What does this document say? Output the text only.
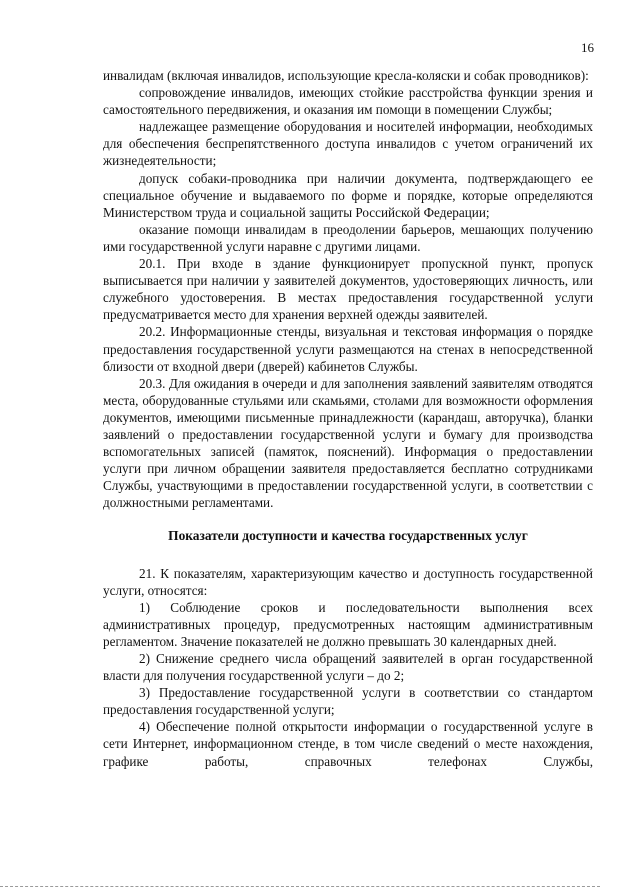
16

инвалидам (включая инвалидов, использующие кресла-коляски и собак проводников):

сопровождение инвалидов, имеющих стойкие расстройства функции зрения и самостоятельного передвижения, и оказания им помощи в помещении Службы;

надлежащее размещение оборудования и носителей информации, необходимых для обеспечения беспрепятственного доступа инвалидов с учетом ограничений их жизнедеятельности;

допуск собаки-проводника при наличии документа, подтверждающего ее специальное обучение и выдаваемого по форме и порядке, которые определяются Министерством труда и социальной защиты Российской Федерации;

оказание помощи инвалидам в преодолении барьеров, мешающих получению ими государственной услуги наравне с другими лицами.

20.1. При входе в здание функционирует пропускной пункт, пропуск выписывается при наличии у заявителей документов, удостоверяющих личность, или служебного удостоверения. В местах предоставления государственной услуги предусматривается место для хранения верхней одежды заявителей.

20.2. Информационные стенды, визуальная и текстовая информация о порядке предоставления государственной услуги размещаются на стенах в непосредственной близости от входной двери (дверей) кабинетов Службы.

20.3. Для ожидания в очереди и для заполнения заявлений заявителям отводятся места, оборудованные стульями или скамьями, столами для возможности оформления документов, имеющими письменные принадлежности (карандаш, авторучка), бланки заявлений о предоставлении государственной услуги и бумагу для производства вспомогательных записей (памяток, пояснений). Информация о предоставлении услуги при личном обращении заявителя предоставляется бесплатно сотрудниками Службы, участвующими в предоставлении государственной услуги, в соответствии с должностными регламентами.

Показатели доступности и качества государственных услуг

21. К показателям, характеризующим качество и доступность государственной услуги, относятся:

1) Соблюдение сроков и последовательности выполнения всех административных процедур, предусмотренных настоящим административным регламентом. Значение показателей не должно превышать 30 календарных дней.

2) Снижение среднего числа обращений заявителей в орган государственной власти для получения государственной услуги – до 2;

3) Предоставление государственной услуги в соответствии со стандартом предоставления государственной услуги;

4) Обеспечение полной открытости информации о государственной услуге в сети Интернет, информационном стенде, в том числе сведений о месте нахождения, графике работы, справочных телефонах Службы,
